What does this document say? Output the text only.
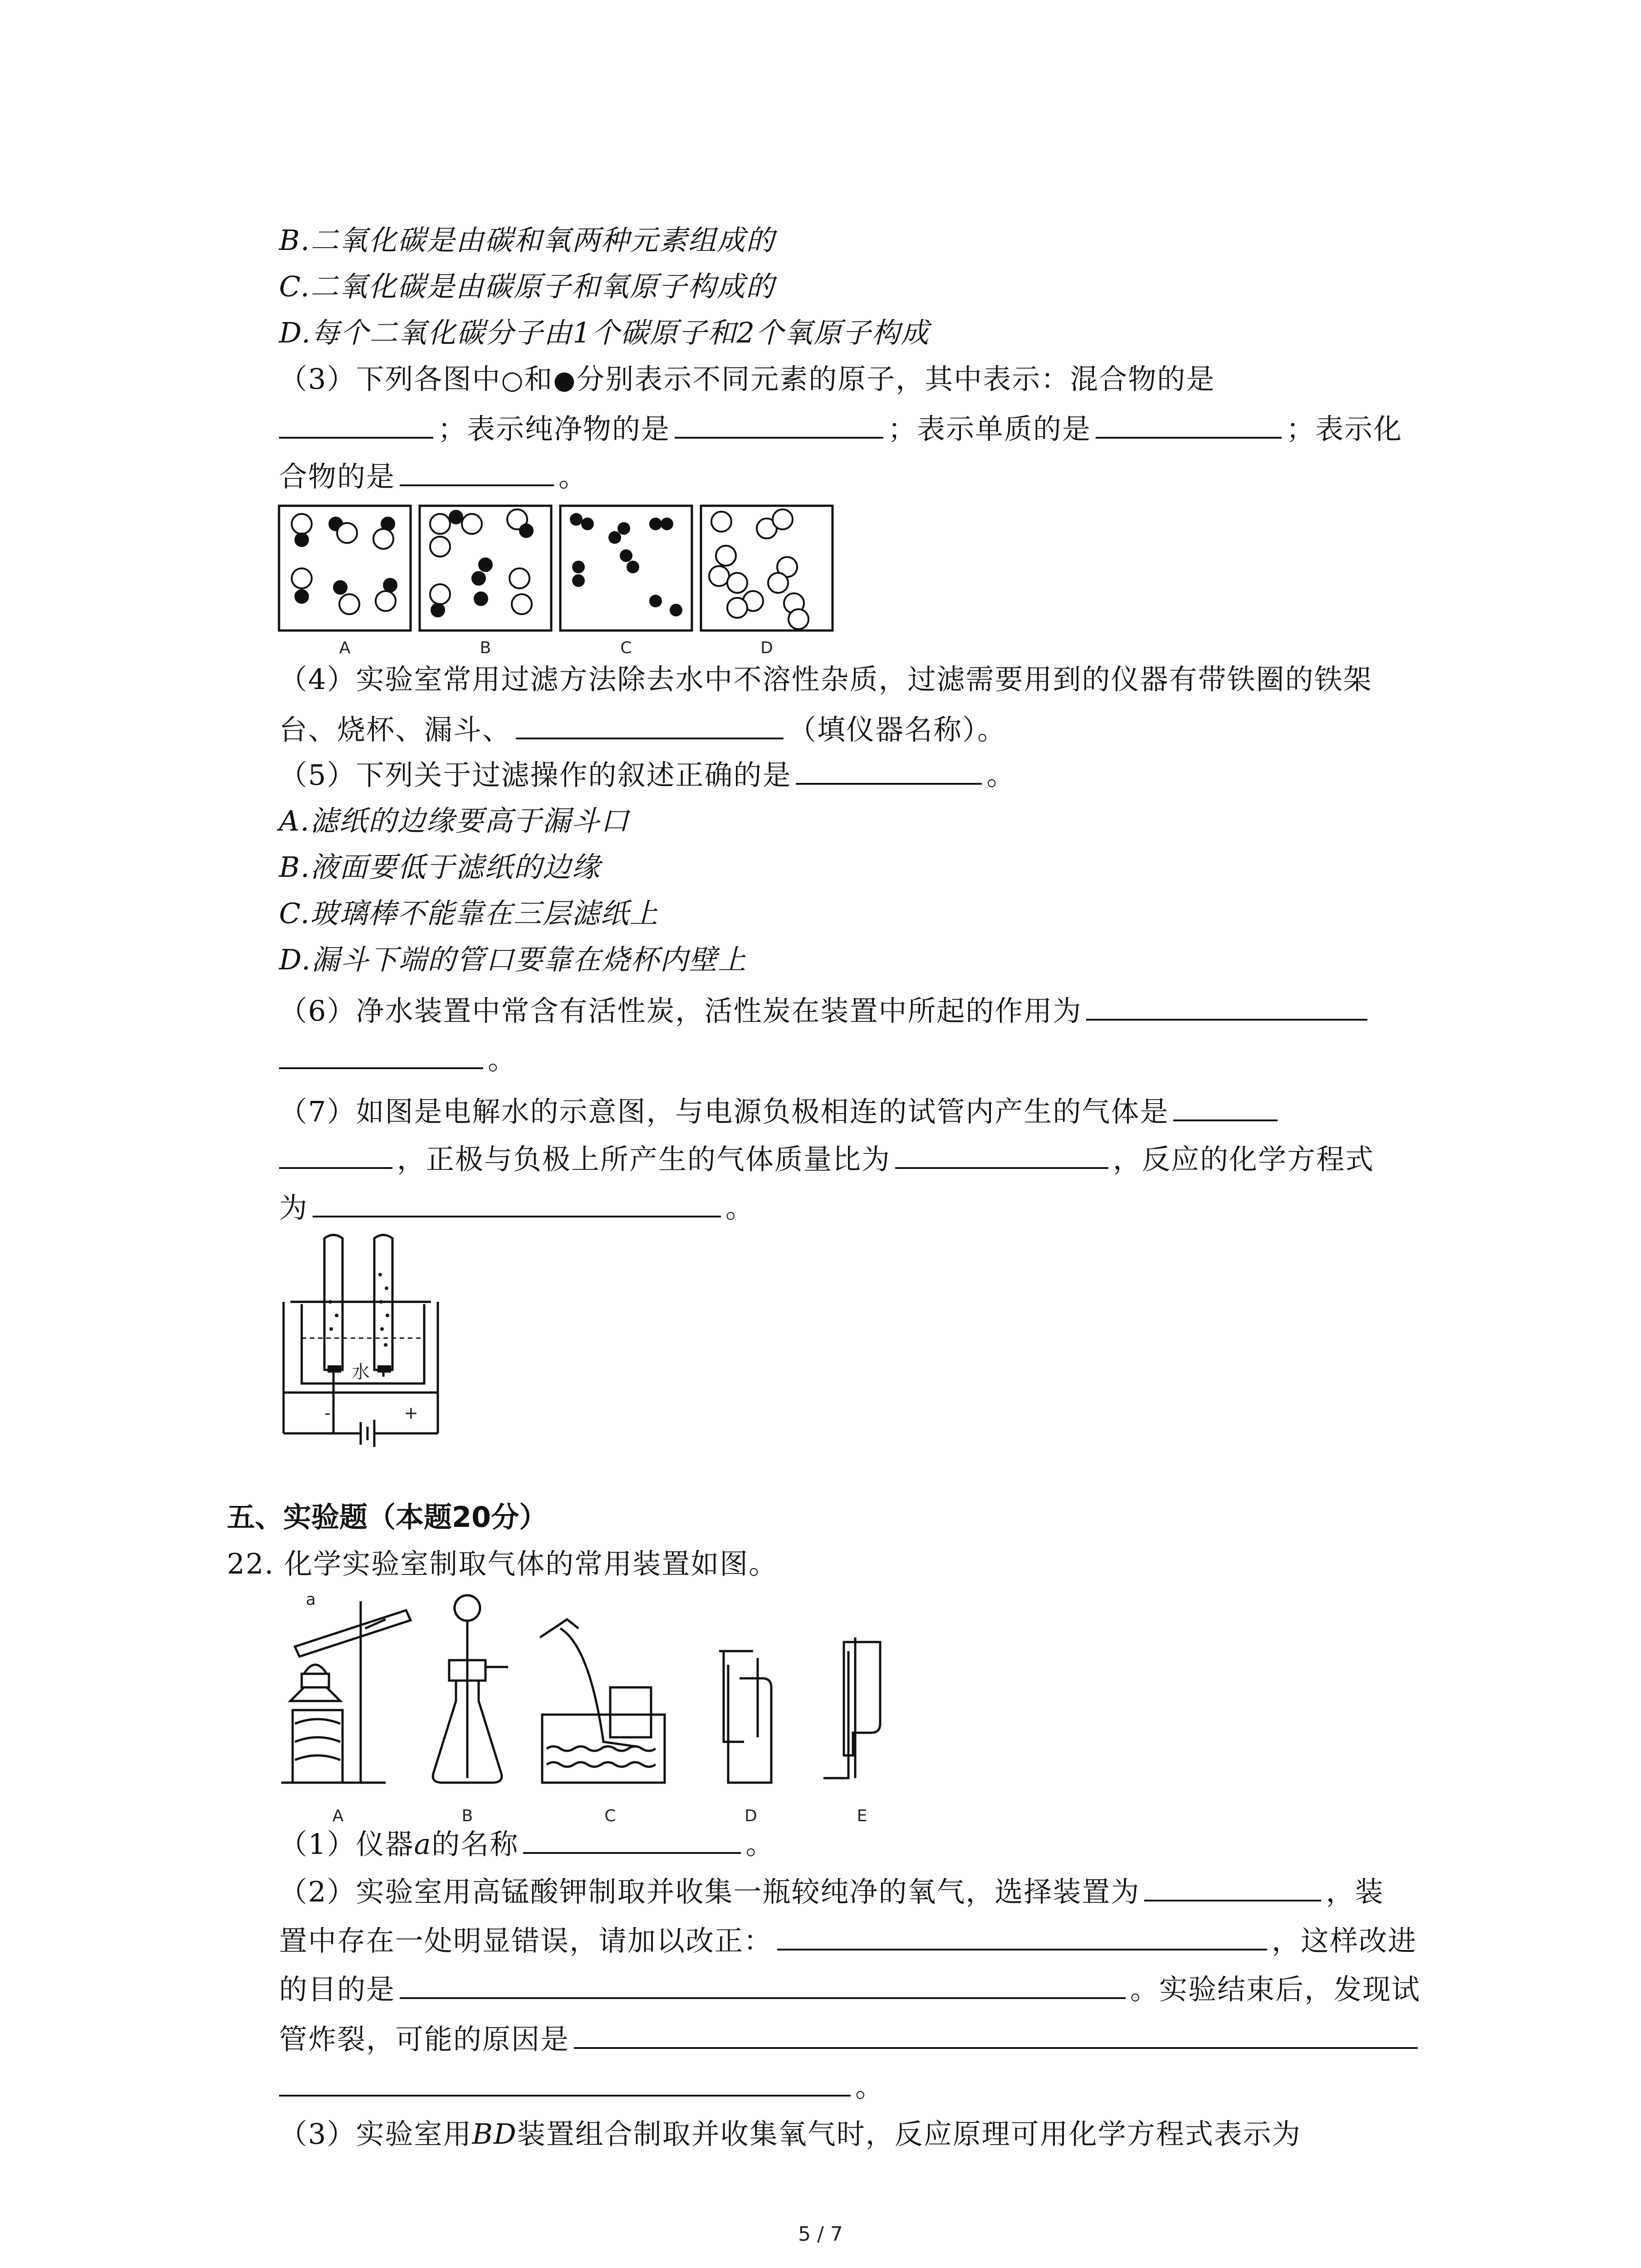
B.二氧化碳是由碳和氧两种元素组成的
C.二氧化碳是由碳原子和氧原子构成的
D.每个二氧化碳分子由1个碳原子和2个氧原子构成
（3）下列各图中○和●分别表示不同元素的原子，其中表示：混合物的是
；表示纯净物的是	；表示单质的是	；表示化
合物的是	。
A	B	C	D
（4）实验室常用过滤方法除去水中不溶性杂质，过滤需要用到的仪器有带铁圈的铁架
台、烧杯、漏斗、	（填仪器名称）。
（5）下列关于过滤操作的叙述正确的是	。
A.滤纸的边缘要高于漏斗口
B.液面要低于滤纸的边缘
C.玻璃棒不能靠在三层滤纸上
D.漏斗下端的管口要靠在烧杯内壁上
（6）净水装置中常含有活性炭，活性炭在装置中所起的作用为
。
（7）如图是电解水的示意图，与电源负极相连的试管内产生的气体是
，正极与负极上所产生的气体质量比为	，反应的化学方程式
为	。
水
-	+
五、实验题（本题20分）
22. 化学实验室制取气体的常用装置如图。
a
A	B	C	D	E
（1）仪器a的名称	。
（2）实验室用高锰酸钾制取并收集一瓶较纯净的氧气，选择装置为	，装
置中存在一处明显错误，请加以改正：	，这样改进
的目的是	。实验结束后，发现试
管炸裂，可能的原因是
。
（3）实验室用BD装置组合制取并收集氧气时，反应原理可用化学方程式表示为
5 / 7
